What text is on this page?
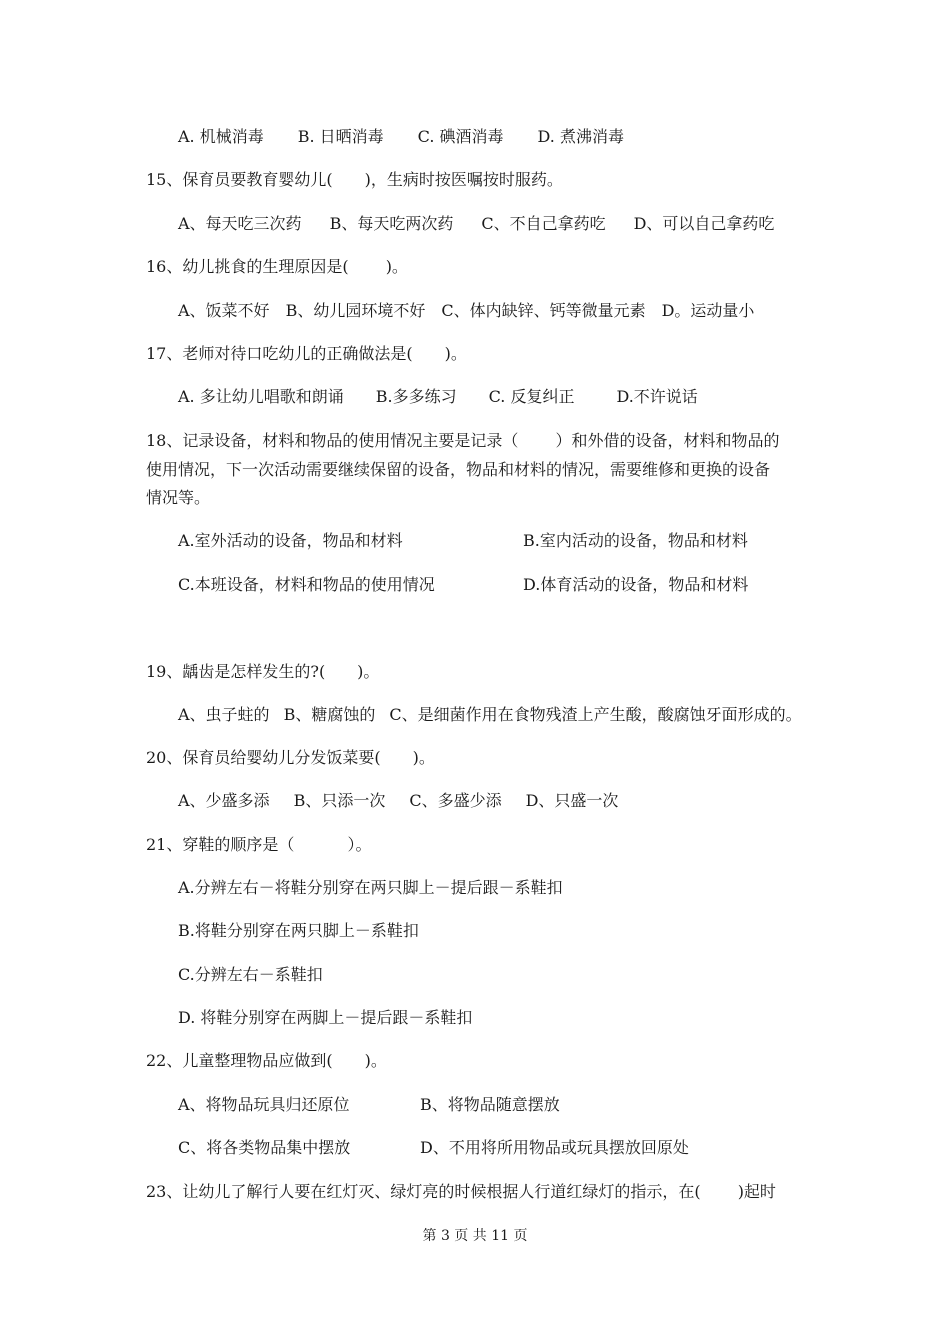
A. 机械消毒 B. 日晒消毒 C. 碘酒消毒 D. 煮沸消毒
15、保育员要教育婴幼儿(　　)，生病时按医嘱按时服药。
A、每天吃三次药 B、每天吃两次药 C、不自己拿药吃 D、可以自己拿药吃
16、幼儿挑食的生理原因是(　　 )。
A、饭菜不好 B、幼儿园环境不好 C、体内缺锌、钙等微量元素 D。运动量小
17、老师对待口吃幼儿的正确做法是(　　)。
A. 多让幼儿唱歌和朗诵 B.多多练习 C. 反复纠正	D.不许说话
18、记录设备，材料和物品的使用情况主要是记录（　　 ）和外借的设备，材料和物品的
使用情况，下一次活动需要继续保留的设备，物品和材料的情况，需要维修和更换的设备
情况等。
A.室外活动的设备，物品和材料	B.室内活动的设备，物品和材料
C.本班设备，材料和物品的使用情况	D.体育活动的设备，物品和材料
19、龋齿是怎样发生的?(　　)。
A、虫子蛀的 B、糖腐蚀的 C、是细菌作用在食物残渣上产生酸，酸腐蚀牙面形成的。
20、保育员给婴幼儿分发饭菜要(　　)。
A、少盛多添 B、只添一次 C、多盛少添 D、只盛一次
21、穿鞋的顺序是（　　　 ）。
A.分辨左右－将鞋分别穿在两只脚上－提后跟－系鞋扣
B.将鞋分别穿在两只脚上－系鞋扣
C.分辨左右－系鞋扣
D. 将鞋分别穿在两脚上－提后跟－系鞋扣
22、儿童整理物品应做到(　　)。
A、将物品玩具归还原位	B、将物品随意摆放
C、将各类物品集中摆放	D、不用将所用物品或玩具摆放回原处
23、让幼儿了解行人要在红灯灭、绿灯亮的时候根据人行道红绿灯的指示，在(　　 )起时
第 3 页 共 11 页
